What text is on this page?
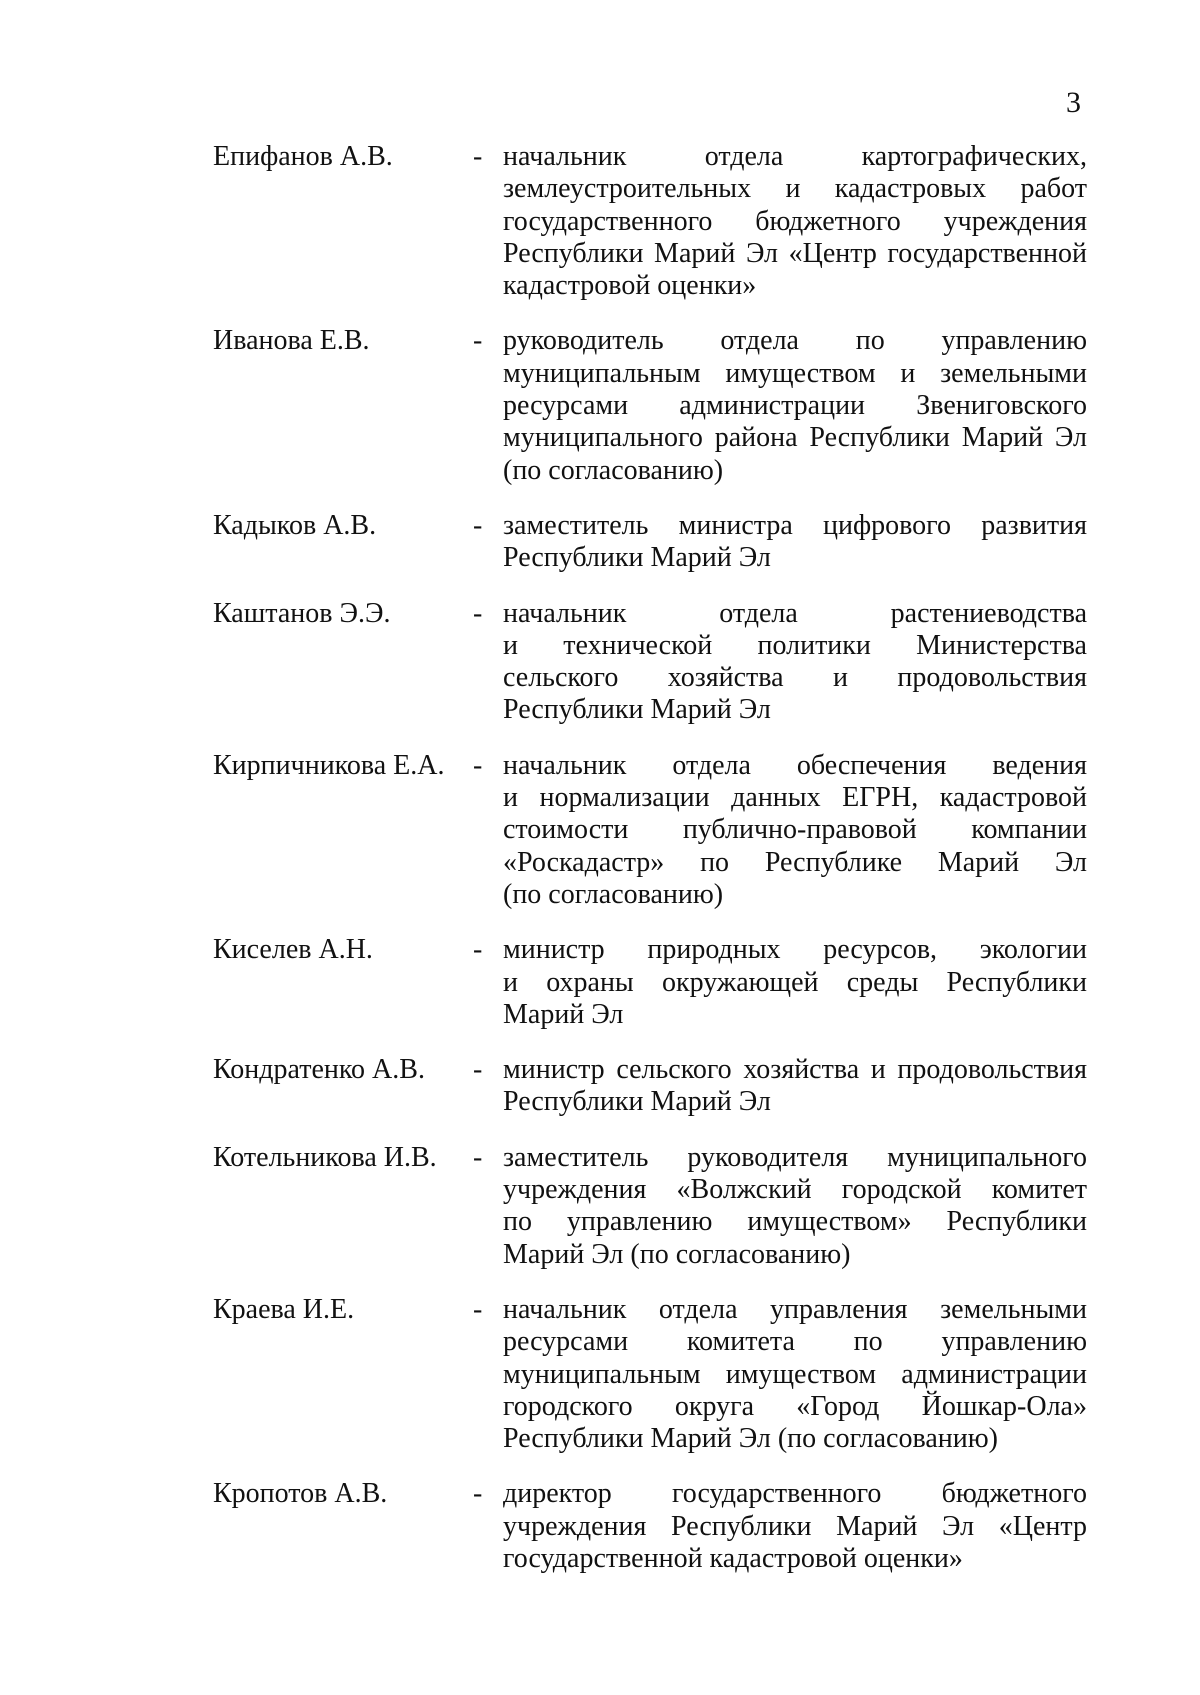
3
Епифанов А.В.	- начальник отдела картографических,
землеустроительных и кадастровых работ
государственного бюджетного учреждения
Республики Марий Эл «Центр государственной
кадастровой оценки»
Иванова Е.В.	- руководитель отдела по управлению
муниципальным имуществом и земельными
ресурсами администрации Звениговского
муниципального района Республики Марий Эл
(по согласованию)
Кадыков А.В.	- заместитель министра цифрового развития
Республики Марий Эл
Каштанов Э.Э.	- начальник отдела растениеводства
и технической политики Министерства
сельского хозяйства и продовольствия
Республики Марий Эл
Кирпичникова Е.А. - начальник отдела обеспечения ведения
и нормализации данных ЕГРН, кадастровой
стоимости публично-правовой компании
«Роскадастр» по Республике Марий Эл
(по согласованию)
Киселев А.Н.	- министр природных ресурсов, экологии
и охраны окружающей среды Республики
Марий Эл
Кондратенко А.В. - министр сельского хозяйства и продовольствия
Республики Марий Эл
Котельникова И.В. - заместитель руководителя муниципального
учреждения «Волжский городской комитет
по управлению имуществом» Республики
Марий Эл (по согласованию)
Краева И.Е.	- начальник отдела управления земельными
ресурсами комитета по управлению
муниципальным имуществом администрации
городского округа «Город Йошкар-Ола»
Республики Марий Эл (по согласованию)
Кропотов А.В.	- директор государственного бюджетного
учреждения Республики Марий Эл «Центр
государственной кадастровой оценки»
